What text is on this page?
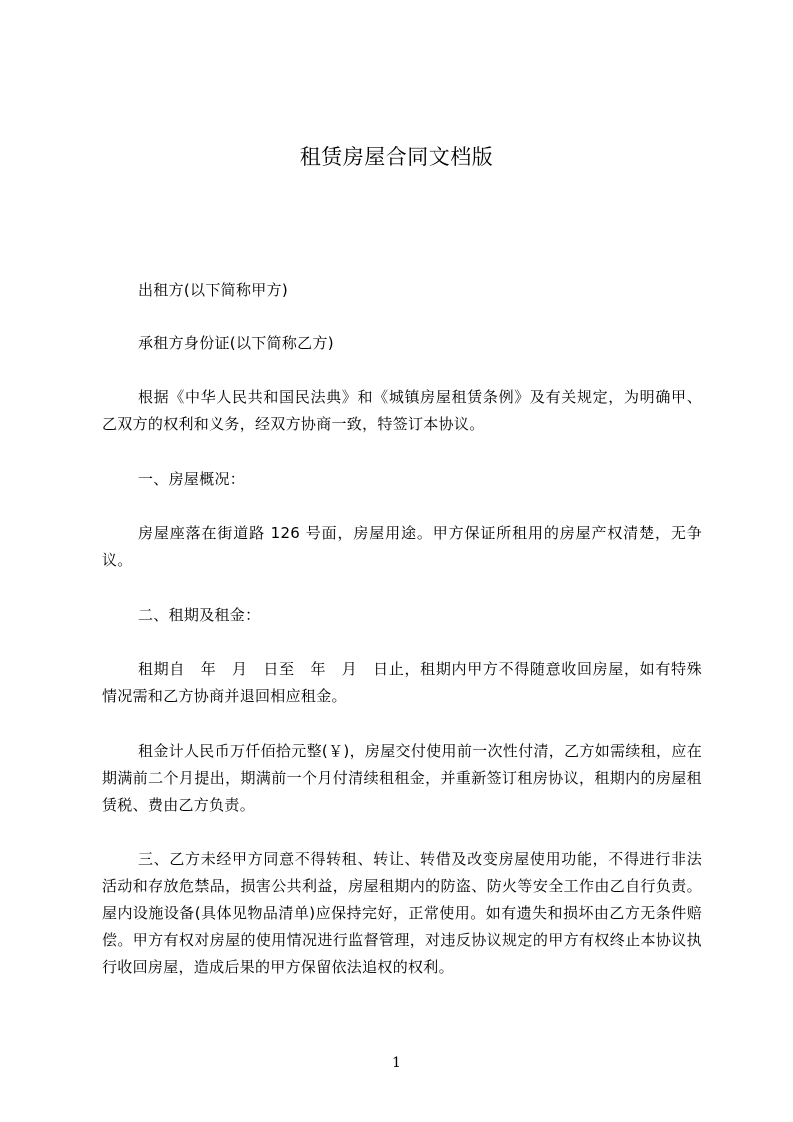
租赁房屋合同文档版

出租方(以下简称甲方)

承租方身份证(以下简称乙方)

根据《中华人民共和国民法典》和《城镇房屋租赁条例》及有关规定，为明确甲、乙双方的权利和义务，经双方协商一致，特签订本协议。

一、房屋概况：

房屋座落在街道路 126 号面，房屋用途。甲方保证所租用的房屋产权清楚，无争议。

二、租期及租金：

租期自　年　月　日至　年　月　日止，租期内甲方不得随意收回房屋，如有特殊情况需和乙方协商并退回相应租金。

租金计人民币万仟佰拾元整(￥)，房屋交付使用前一次性付清，乙方如需续租，应在期满前二个月提出，期满前一个月付清续租租金，并重新签订租房协议，租期内的房屋租赁税、费由乙方负责。

三、乙方未经甲方同意不得转租、转让、转借及改变房屋使用功能，不得进行非法活动和存放危禁品，损害公共利益，房屋租期内的防盗、防火等安全工作由乙自行负责。屋内设施设备(具体见物品清单)应保持完好，正常使用。如有遗失和损坏由乙方无条件赔偿。甲方有权对房屋的使用情况进行监督管理，对违反协议规定的甲方有权终止本协议执行收回房屋，造成后果的甲方保留依法追权的权利。

1
